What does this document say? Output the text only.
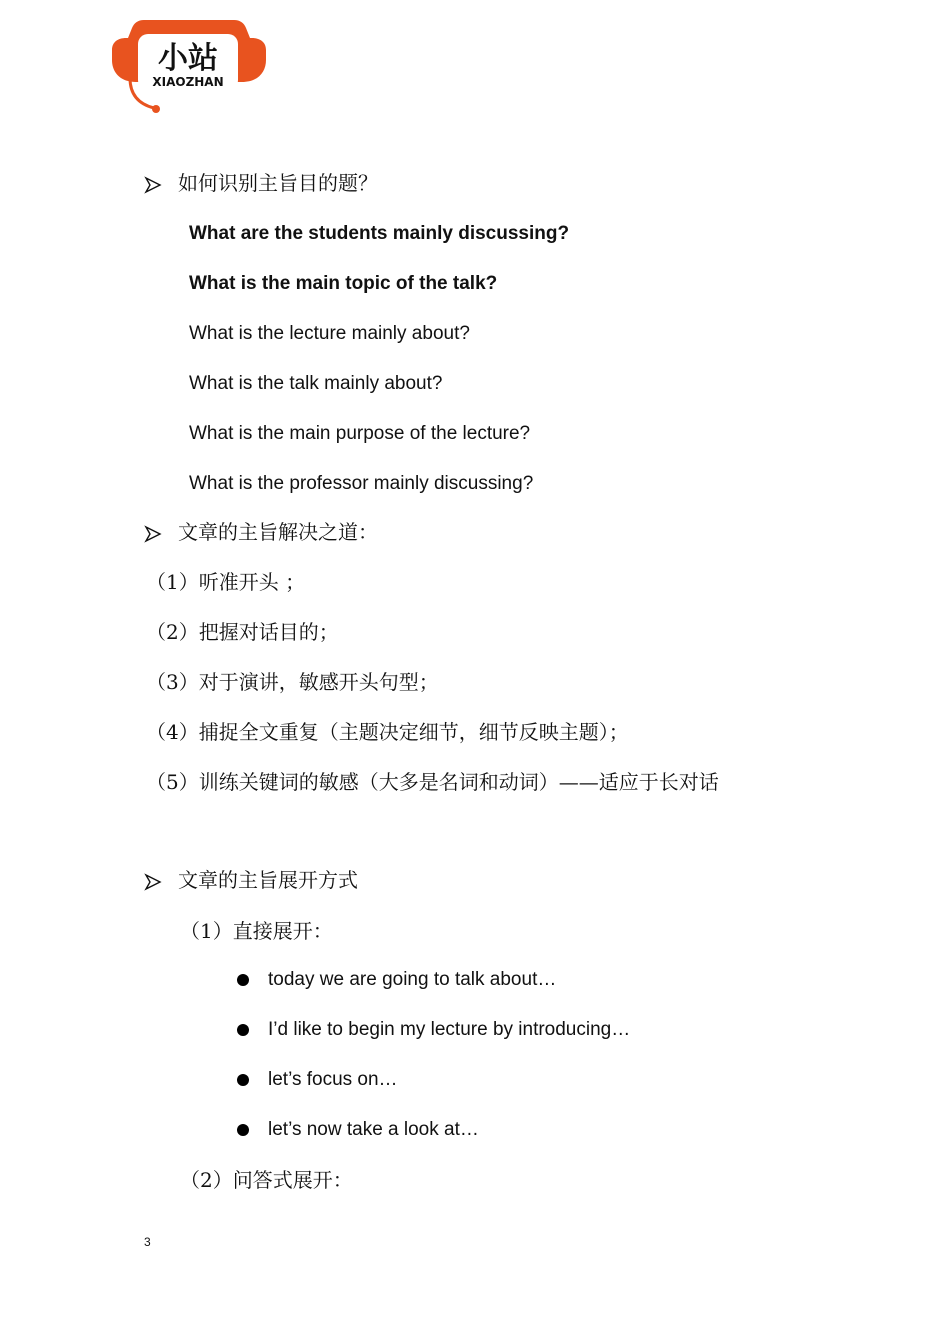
小站
XIAOZHAN
如何识别主旨目的题？
What are the students mainly discussing?
What is the main topic of the talk?
What is the lecture mainly about?
What is the talk mainly about?
What is the main purpose of the lecture?
What is the professor mainly discussing?
文章的主旨解决之道：
（1）听准开头 ；
（2）把握对话目的；
（3）对于演讲，敏感开头句型；
（4）捕捉全文重复（主题决定细节，细节反映主题）；
（5）训练关键词的敏感（大多是名词和动词）——适应于长对话
文章的主旨展开方式
（1）直接展开：
today we are going to talk about…
I’d like to begin my lecture by introducing…
let’s focus on…
let’s now take a look at…
（2）问答式展开：
3
